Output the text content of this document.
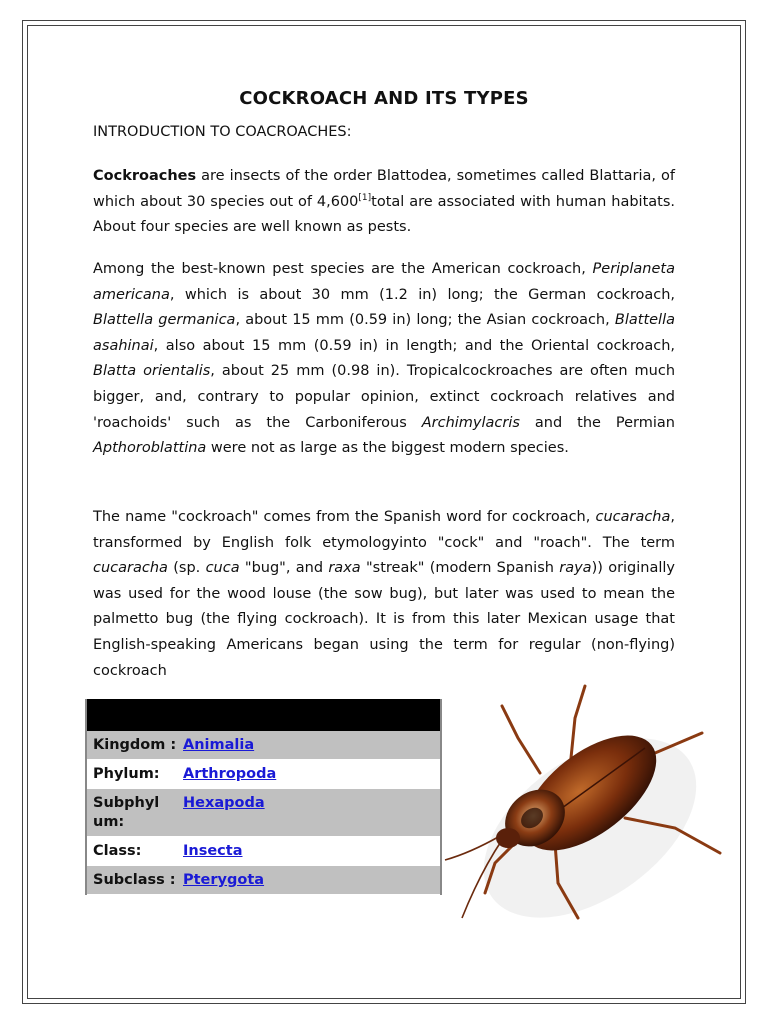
COCKROACH AND ITS TYPES
INTRODUCTION TO COACROACHES:

Cockroaches are insects of the order Blattodea, sometimes called Blattaria, of which about 30 species out of 4,600[1]total are associated with human habitats. About four species are well known as pests.

Among the best-known pest species are the American cockroach, Periplaneta americana, which is about 30 mm (1.2 in) long; the German cockroach, Blattella germanica, about 15 mm (0.59 in) long; the Asian cockroach, Blattella asahinai, also about 15 mm (0.59 in) in length; and the Oriental cockroach, Blatta orientalis, about 25 mm (0.98 in). Tropicalcockroaches are often much bigger, and, contrary to popular opinion, extinct cockroach relatives and 'roachoids' such as the Carboniferous Archimylacris and the Permian Apthoroblattina were not as large as the biggest modern species.

The name "cockroach" comes from the Spanish word for cockroach, cucaracha, transformed by English folk etymologyinto "cock" and "roach". The term cucaracha (sp. cuca "bug", and raxa "streak" (modern Spanish raya)) originally was used for the wood louse (the sow bug), but later was used to mean the palmetto bug (the flying cockroach). It is from this later Mexican usage that English-speaking Americans began using the term for regular (non-flying) cockroach

Kingdom : Animalia
Phylum:	Arthropoda
Subphyl um:
Hexapoda
Class:	Insecta
Subclass : Pterygota
